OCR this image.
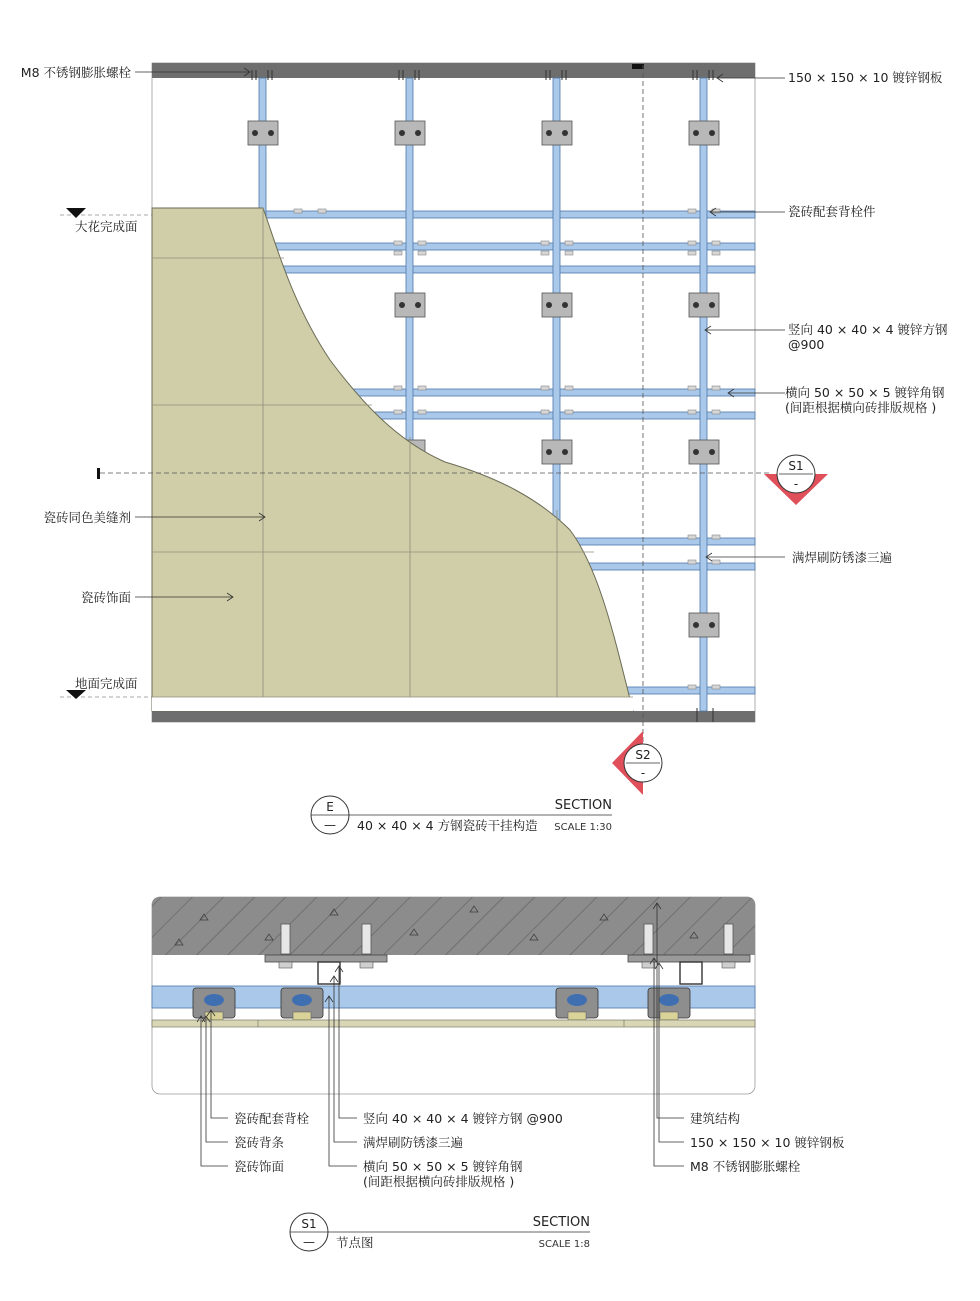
M8 不锈钢膨胀螺栓
大花完成面
瓷砖同色美缝剂
瓷砖饰面
地面完成面
150 × 150 × 10 镀锌钢板
瓷砖配套背栓件
竖向 40 × 40 × 4 镀锌方钢
@900
横向 50 × 50 × 5 镀锌角钢
(间距根据横向砖排版规格 )
满焊刷防锈漆三遍
S1
-
S2
-
E
—
SECTION
40 × 40 × 4 方钢瓷砖干挂构造 SCALE 1:30
瓷砖配套背栓
瓷砖背条
瓷砖饰面
竖向 40 × 40 × 4 镀锌方钢 @900
满焊刷防锈漆三遍
横向 50 × 50 × 5 镀锌角钢
(间距根据横向砖排版规格 )
建筑结构
150 × 150 × 10 镀锌钢板
M8 不锈钢膨胀螺栓
S1
—
SECTION
节点图	SCALE 1:8
